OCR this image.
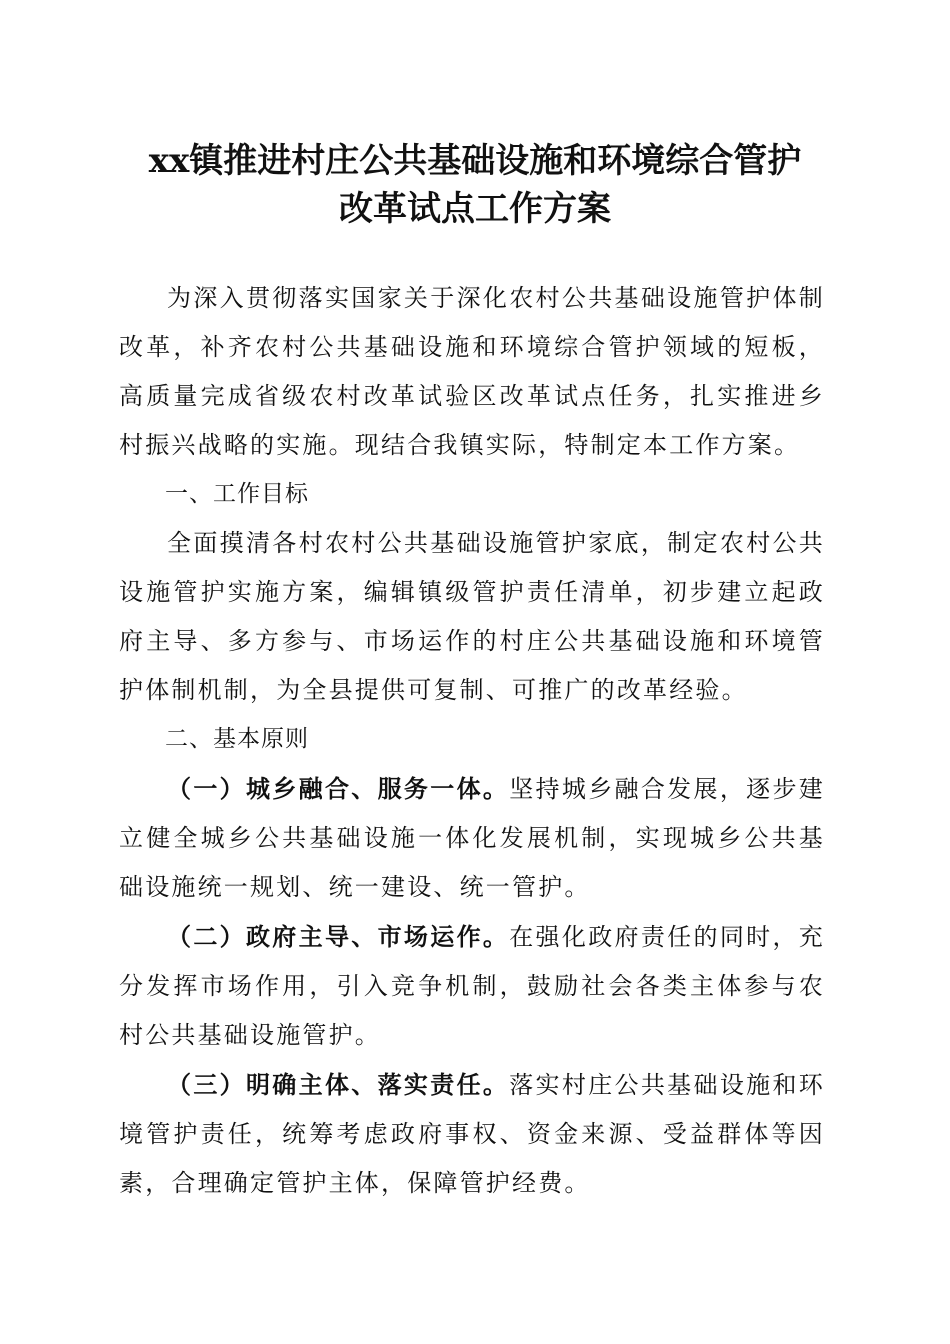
xx镇推进村庄公共基础设施和环境综合管护
改革试点工作方案

为深入贯彻落实国家关于深化农村公共基础设施管护体制改革，补齐农村公共基础设施和环境综合管护领域的短板，高质量完成省级农村改革试验区改革试点任务，扎实推进乡村振兴战略的实施。现结合我镇实际，特制定本工作方案。

一、工作目标

全面摸清各村农村公共基础设施管护家底，制定农村公共设施管护实施方案，编辑镇级管护责任清单，初步建立起政府主导、多方参与、市场运作的村庄公共基础设施和环境管护体制机制，为全县提供可复制、可推广的改革经验。

二、基本原则

（一）城乡融合、服务一体。坚持城乡融合发展，逐步建立健全城乡公共基础设施一体化发展机制，实现城乡公共基础设施统一规划、统一建设、统一管护。

（二）政府主导、市场运作。在强化政府责任的同时，充分发挥市场作用，引入竞争机制，鼓励社会各类主体参与农村公共基础设施管护。

（三）明确主体、落实责任。落实村庄公共基础设施和环境管护责任，统筹考虑政府事权、资金来源、受益群体等因素，合理确定管护主体，保障管护经费。
